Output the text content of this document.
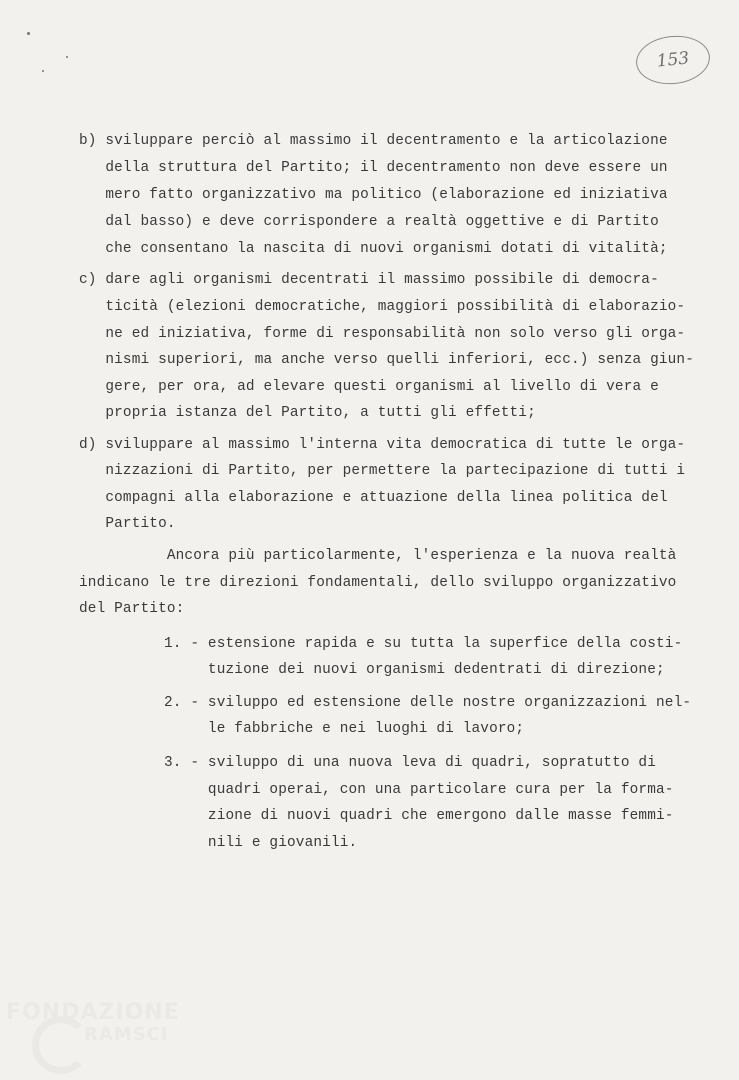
153
b) sviluppare perciò al massimo il decentramento e la articolazione
della struttura del Partito; il decentramento non deve essere un
mero fatto organizzativo ma politico (elaborazione ed iniziativa
dal basso) e deve corrispondere a realtà oggettive e di Partito
che consentano la nascita di nuovi organismi dotati di vitalità;
c) dare agli organismi decentrati il massimo possibile di democra-
ticità (elezioni democratiche, maggiori possibilità di elaborazio-
ne ed iniziativa, forme di responsabilità non solo verso gli orga-
nismi superiori, ma anche verso quelli inferiori, ecc.) senza giun-
gere, per ora, ad elevare questi organismi al livello di vera e
propria istanza del Partito, a tutti gli effetti;
d) sviluppare al massimo l'interna vita democratica di tutte le orga-
nizzazioni di Partito, per permettere la partecipazione di tutti i
compagni alla elaborazione e attuazione della linea politica del
Partito.
Ancora più particolarmente, l'esperienza e la nuova realtà
indicano le tre direzioni fondamentali, dello sviluppo organizzativo
del Partito:
1. - estensione rapida e su tutta la superfice della costi-
tuzione dei nuovi organismi dedentrati di direzione;
2. - sviluppo ed estensione delle nostre organizzazioni nel-
le fabbriche e nei luoghi di lavoro;
3. - sviluppo di una nuova leva di quadri, sopratutto di
quadri operai, con una particolare cura per la forma-
zione di nuovi quadri che emergono dalle masse femmi-
nili e giovanili.
FONDAZIONE
RAMSCI
